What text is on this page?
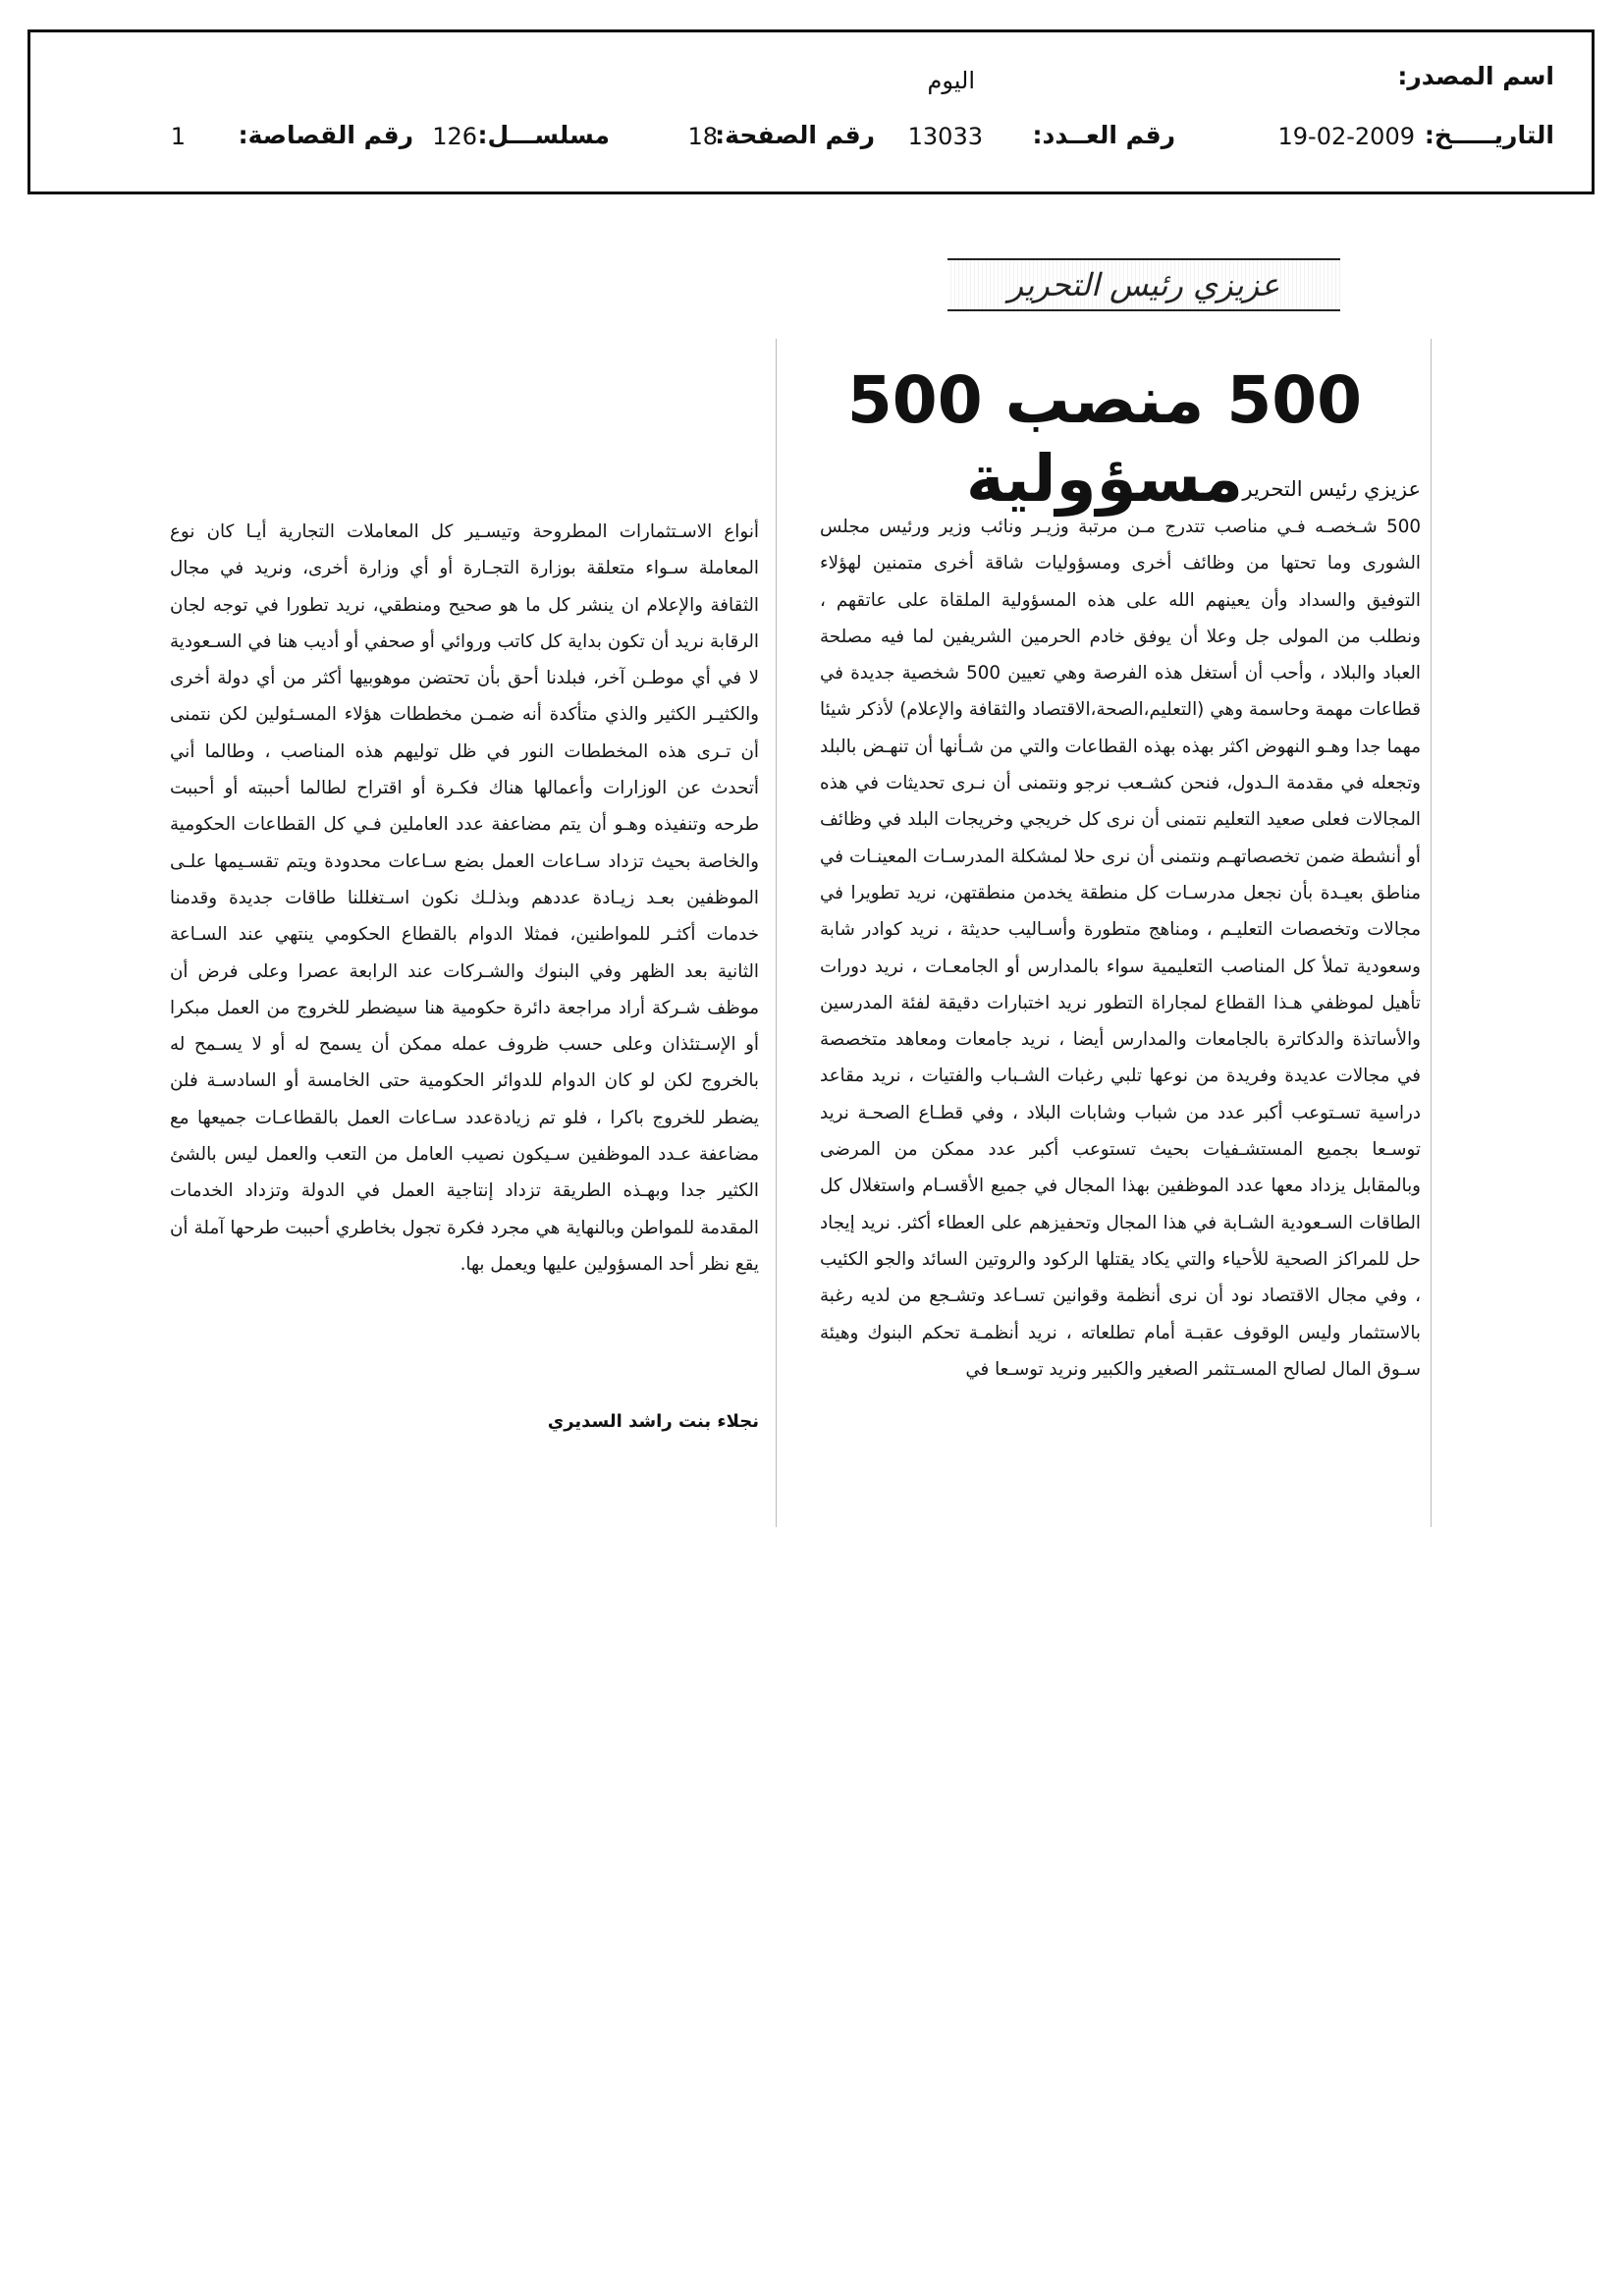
اسم المصدر:
اليوم
التاريـــــخ:
19-02-2009
رقم العــدد:
13033
رقم الصفحة:
18
مسلســـل:
126
رقم القصاصة:
1
عزيزي رئيس التحرير
500 منصب 500 مسؤولية عزيزي رئيس التحرير

500 شـخصـه فـي مناصب تتدرج مـن مرتبة وزيـر ونائب وزير ورئيس مجلس الشورى وما تحتها من وظائف أخرى ومسؤوليات شاقة أخرى متمنين لهؤلاء التوفيق والسداد وأن يعينهم الله على هذه المسؤولية الملقاة على عاتقهم ، ونطلب من المولى جل وعلا أن يوفق خادم الحرمين الشريفين لما فيه مصلحة العباد والبلاد ، وأحب أن أستغل هذه الفرصة وهي تعيين 500 شخصية جديدة في قطاعات مهمة وحاسمة وهي (التعليم،الصحة،الاقتصاد والثقافة والإعلام) لأذكر شيئا مهما جدا وهـو النهوض اكثر بهذه بهذه القطاعات والتي من شـأنها أن تنهـض بالبلد وتجعله في مقدمة الـدول، فنحن كشـعب نرجو ونتمنى أن نـرى تحديثات في هذه المجالات فعلى صعيد التعليم نتمنى أن نرى كل خريجي وخريجات البلد في وظائف أو أنشطة ضمن تخصصاتهـم ونتمنى أن نرى حلا لمشكلة المدرسـات المعينـات في مناطق بعيـدة بأن نجعل مدرسـات كل منطقة يخدمن منطقتهن، نريد تطويرا في مجالات وتخصصات التعليـم ، ومناهج متطورة وأسـاليب حديثة ، نريد كوادر شابة وسعودية تملأ كل المناصب التعليمية سواء بالمدارس أو الجامعـات ، نريد دورات تأهيل لموظفي هـذا القطاع لمجاراة التطور نريد اختبارات دقيقة لفئة المدرسين والأساتذة والدكاترة بالجامعات والمدارس أيضا ، نريد جامعات ومعاهد متخصصة في مجالات عديدة وفريدة من نوعها تلبي رغبات الشـباب والفتيات ، نريد مقاعد دراسية تسـتوعب أكبر عدد من شباب وشابات البلاد ، وفي قطـاع الصحـة نريد توسـعا بجميع المستشـفيات بحيث تستوعب أكبر عدد ممكن من المرضى وبالمقابل يزداد معها عدد الموظفين بهذا المجال في جميع الأقسـام واستغلال كل الطاقات السـعودية الشـابة في هذا المجال وتحفيزهم على العطاء أكثر. نريد إيجاد حل للمراكز الصحية للأحياء والتي يكاد يقتلها الركود والروتين السائد والجو الكئيب ، وفي مجال الاقتصاد نود أن نرى أنظمة وقوانين تسـاعد وتشـجع من لديه رغبة بالاستثمار وليس الوقوف عقبـة أمام تطلعاته ، نريد أنظمـة تحكم البنوك وهيئة سـوق المال لصالح المسـتثمر الصغير والكبير ونريد توسـعا في

أنواع الاسـتثمارات المطروحة وتيسـير كل المعاملات التجارية أيـا كان نوع المعاملة سـواء متعلقة بوزارة التجـارة أو أي وزارة أخرى، ونريد في مجال الثقافة والإعلام ان ينشر كل ما هو صحيح ومنطقي، نريد تطورا في توجه لجان الرقابة نريد أن تكون بداية كل كاتب وروائي أو صحفي أو أديب هنا في السـعودية لا في أي موطـن آخر، فبلدنا أحق بأن تحتضن موهوبيها أكثر من أي دولة أخرى والكثيـر الكثير والذي متأكدة أنه ضمـن مخططات هؤلاء المسـئولين لكن نتمنى أن تـرى هذه المخططات النور في ظل توليهم هذه المناصب ، وطالما أني أتحدث عن الوزارات وأعمالها هناك فكـرة أو اقتراح لطالما أحببته أو أحببت طرحه وتنفيذه وهـو أن يتم مضاعفة عدد العاملين فـي كل القطاعات الحكومية والخاصة بحيث تزداد سـاعات العمل بضع سـاعات محدودة ويتم تقسـيمها علـى الموظفين بعـد زيـادة عددهم وبذلـك نكون اسـتغللنا طاقات جديدة وقدمنا خدمات أكثـر للمواطنين، فمثلا الدوام بالقطاع الحكومي ينتهي عند السـاعة الثانية بعد الظهر وفي البنوك والشـركات عند الرابعة عصرا وعلى فرض أن موظف شـركة أراد مراجعة دائرة حكومية هنا سيضطر للخروج من العمل مبكرا أو الإسـتئذان وعلى حسب ظروف عمله ممكن أن يسمح له أو لا يسـمح له بالخروج لكن لو كان الدوام للدوائر الحكومية حتى الخامسة أو السادسـة فلن يضطر للخروج باكرا ، فلو تم زيادةعدد سـاعات العمل بالقطاعـات جميعها مع مضاعفة عـدد الموظفين سـيكون نصيب العامل من التعب والعمل ليس بالشئ الكثير جدا وبهـذه الطريقة تزداد إنتاجية العمل في الدولة وتزداد الخدمات المقدمة للمواطن وبالنهاية هي مجرد فكرة تجول بخاطري أحببت طرحها آملة أن يقع نظر أحد المسؤولين عليها ويعمل بها.

نجلاء بنت راشد السديري
